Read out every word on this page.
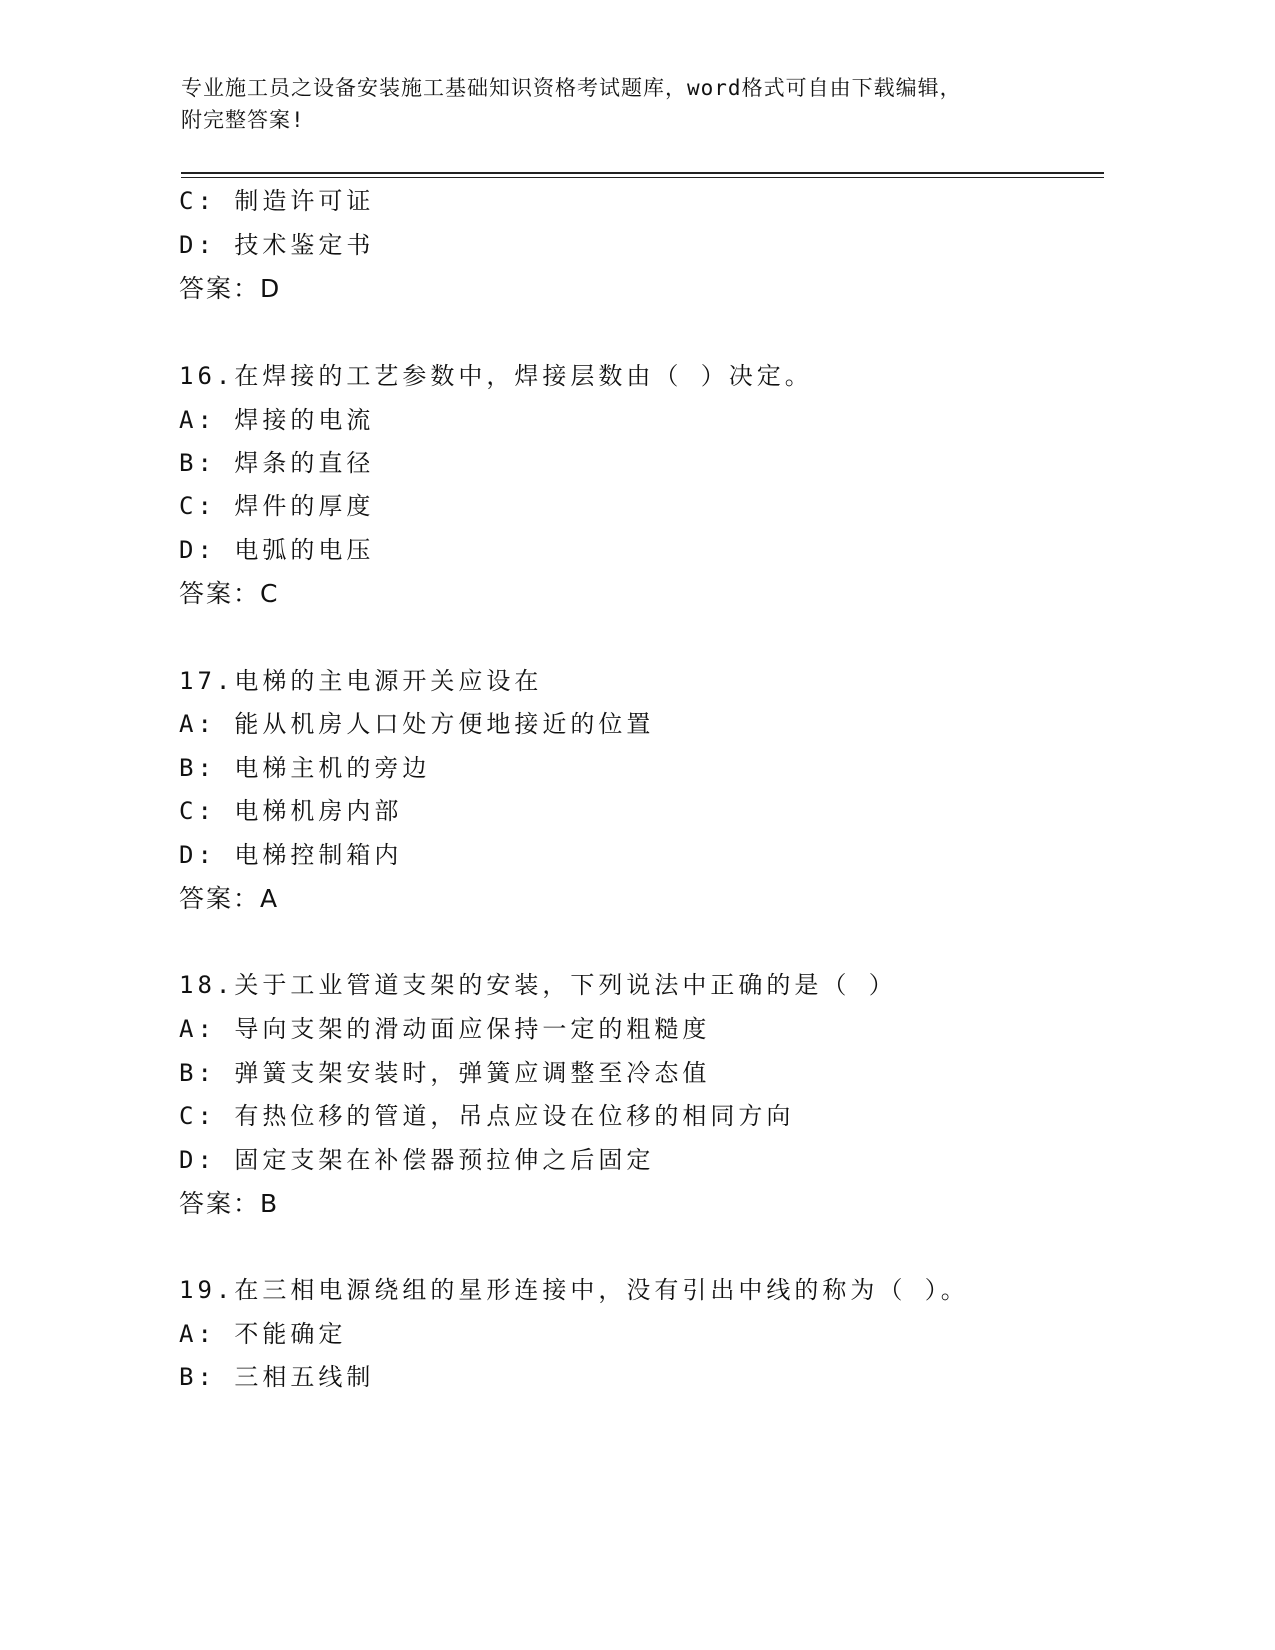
专业施工员之设备安装施工基础知识资格考试题库，word格式可自由下载编辑，
附完整答案!
C: 制造许可证
D: 技术鉴定书
答案：D
16.在焊接的工艺参数中，焊接层数由（ ）决定。
A: 焊接的电流
B: 焊条的直径
C: 焊件的厚度
D: 电弧的电压
答案：C
17.电梯的主电源开关应设在
A: 能从机房人口处方便地接近的位置
B: 电梯主机的旁边
C: 电梯机房内部
D: 电梯控制箱内
答案：A
18.关于工业管道支架的安装，下列说法中正确的是（ ）
A: 导向支架的滑动面应保持一定的粗糙度
B: 弹簧支架安装时，弹簧应调整至冷态值
C: 有热位移的管道，吊点应设在位移的相同方向
D: 固定支架在补偿器预拉伸之后固定
答案：B
19.在三相电源绕组的星形连接中，没有引出中线的称为（ ）。
A: 不能确定
B: 三相五线制
